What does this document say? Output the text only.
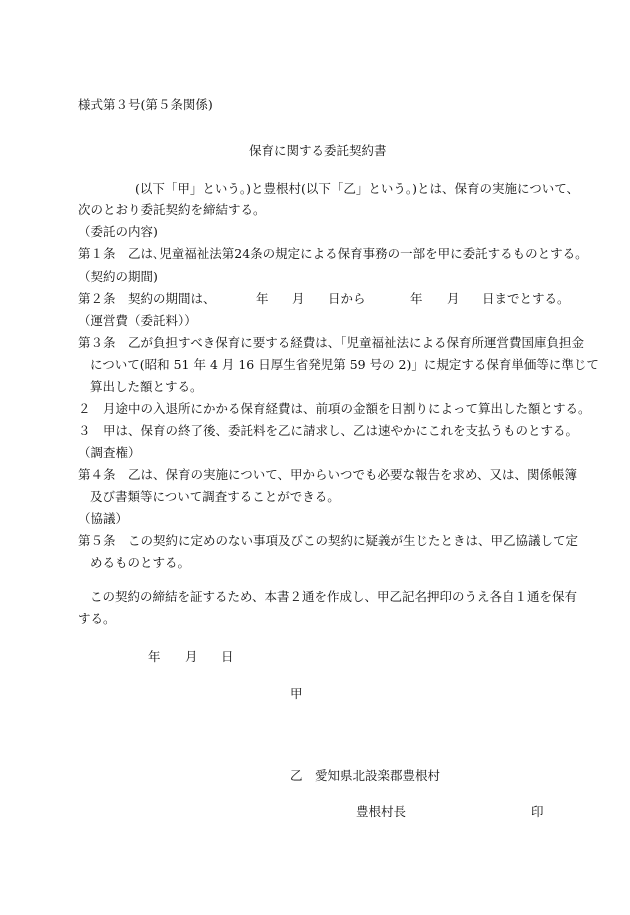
様式第３号(第５条関係)
保育に関する委託契約書
(以下「甲」という。)と豊根村(以下「乙」という。)とは、保育の実施について、
次のとおり委託契約を締結する。
（委託の内容)
第１条　乙は､児童福祉法第24条の規定による保育事務の一部を甲に委託するものとする。
（契約の期間)
第２条　契約の期間は、	年 月 日から	年 月 日までとする。
（運営費（委託料））
第３条　乙が負担すべき保育に要する経費は、「児童福祉法による保育所運営費国庫負担金
について(昭和 51 年 4 月 16 日厚生省発児第 59 号の 2)」に規定する保育単価等に準じて
算出した額とする。
２　月途中の入退所にかかる保育経費は、前項の金額を日割りによって算出した額とする。
３　甲は、保育の終了後、委託料を乙に請求し、乙は速やかにこれを支払うものとする。
（調査権）
第４条　乙は、保育の実施について、甲からいつでも必要な報告を求め、又は、関係帳簿
及び書類等について調査することができる。
（協議）
第５条　この契約に定めのない事項及びこの契約に疑義が生じたときは、甲乙協議して定
めるものとする。
この契約の締結を証するため、本書２通を作成し、甲乙記名押印のうえ各自１通を保有
する。
年 月 日
甲
乙　愛知県北設楽郡豊根村
豊根村長	印
